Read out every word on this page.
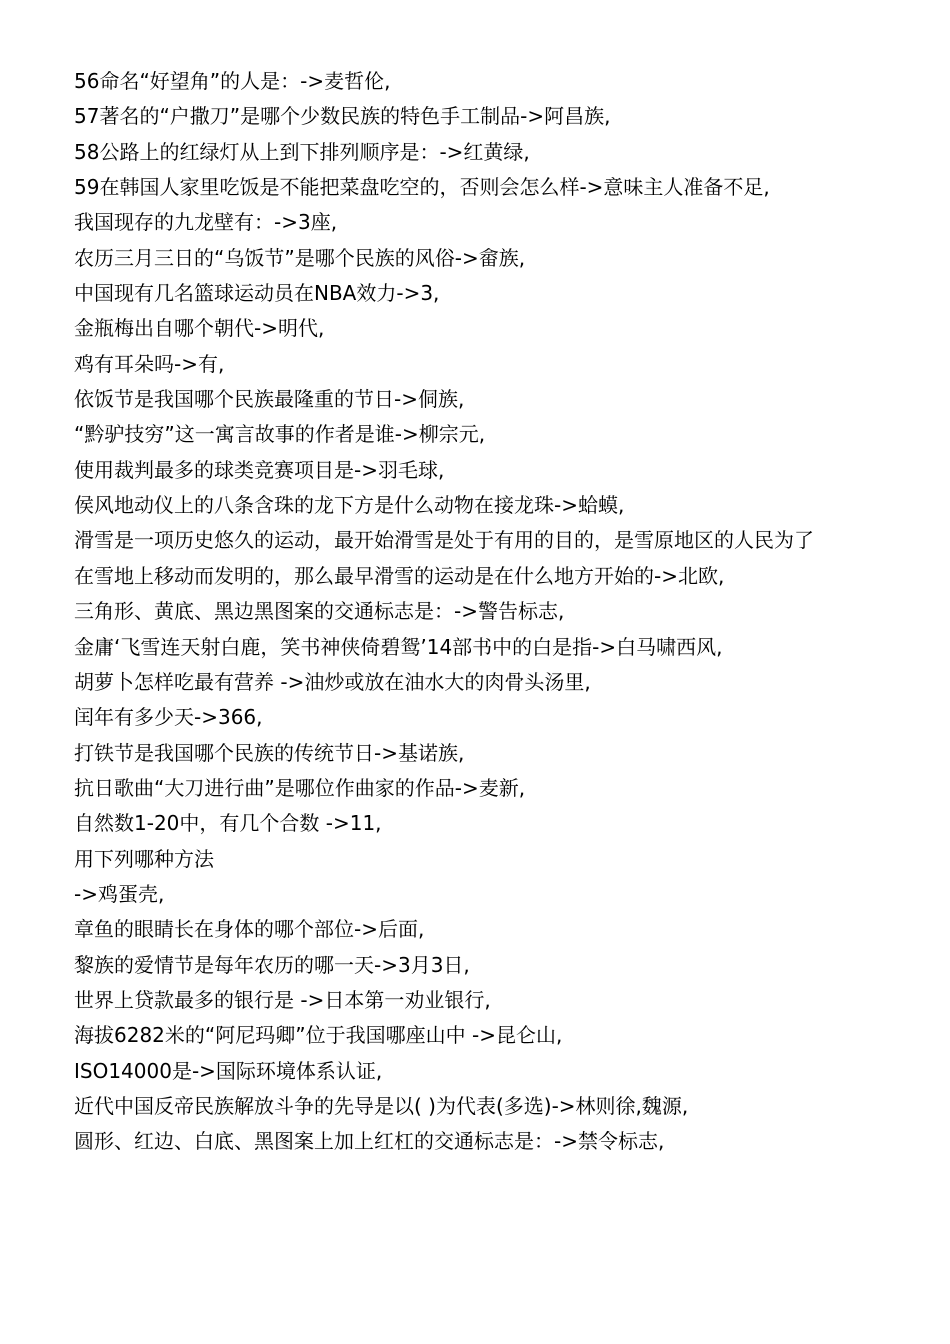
56命名“好望角”的人是：->麦哲伦,
57著名的“户撒刀”是哪个少数民族的特色手工制品->阿昌族,
58公路上的红绿灯从上到下排列顺序是：->红黄绿,
59在韩国人家里吃饭是不能把菜盘吃空的，否则会怎么样->意味主人准备不足,
我国现存的九龙壁有：->3座,
农历三月三日的“乌饭节”是哪个民族的风俗->畲族,
中国现有几名篮球运动员在NBA效力->3,
金瓶梅出自哪个朝代->明代,
鸡有耳朵吗->有,
依饭节是我国哪个民族最隆重的节日->侗族,
“黔驴技穷”这一寓言故事的作者是谁->柳宗元,
使用裁判最多的球类竞赛项目是->羽毛球,
侯风地动仪上的八条含珠的龙下方是什么动物在接龙珠->蛤蟆,
滑雪是一项历史悠久的运动，最开始滑雪是处于有用的目的，是雪原地区的人民为了
在雪地上移动而发明的，那么最早滑雪的运动是在什么地方开始的->北欧,
三角形、黄底、黑边黑图案的交通标志是：->警告标志,
金庸‘飞雪连天射白鹿，笑书神侠倚碧鸳’14部书中的白是指->白马啸西风,
胡萝卜怎样吃最有营养 ->油炒或放在油水大的肉骨头汤里,
闰年有多少天->366,
打铁节是我国哪个民族的传统节日->基诺族,
抗日歌曲“大刀进行曲”是哪位作曲家的作品->麦新,
自然数1-20中，有几个合数 ->11,
用下列哪种方法
->鸡蛋壳,
章鱼的眼睛长在身体的哪个部位->后面,
黎族的爱情节是每年农历的哪一天->3月3日,
世界上贷款最多的银行是 ->日本第一劝业银行,
海拔6282米的“阿尼玛卿”位于我国哪座山中 ->昆仑山,
ISO14000是->国际环境体系认证,
近代中国反帝民族解放斗争的先导是以( )为代表(多选)->林则徐,魏源,
圆形、红边、白底、黑图案上加上红杠的交通标志是：->禁令标志,
